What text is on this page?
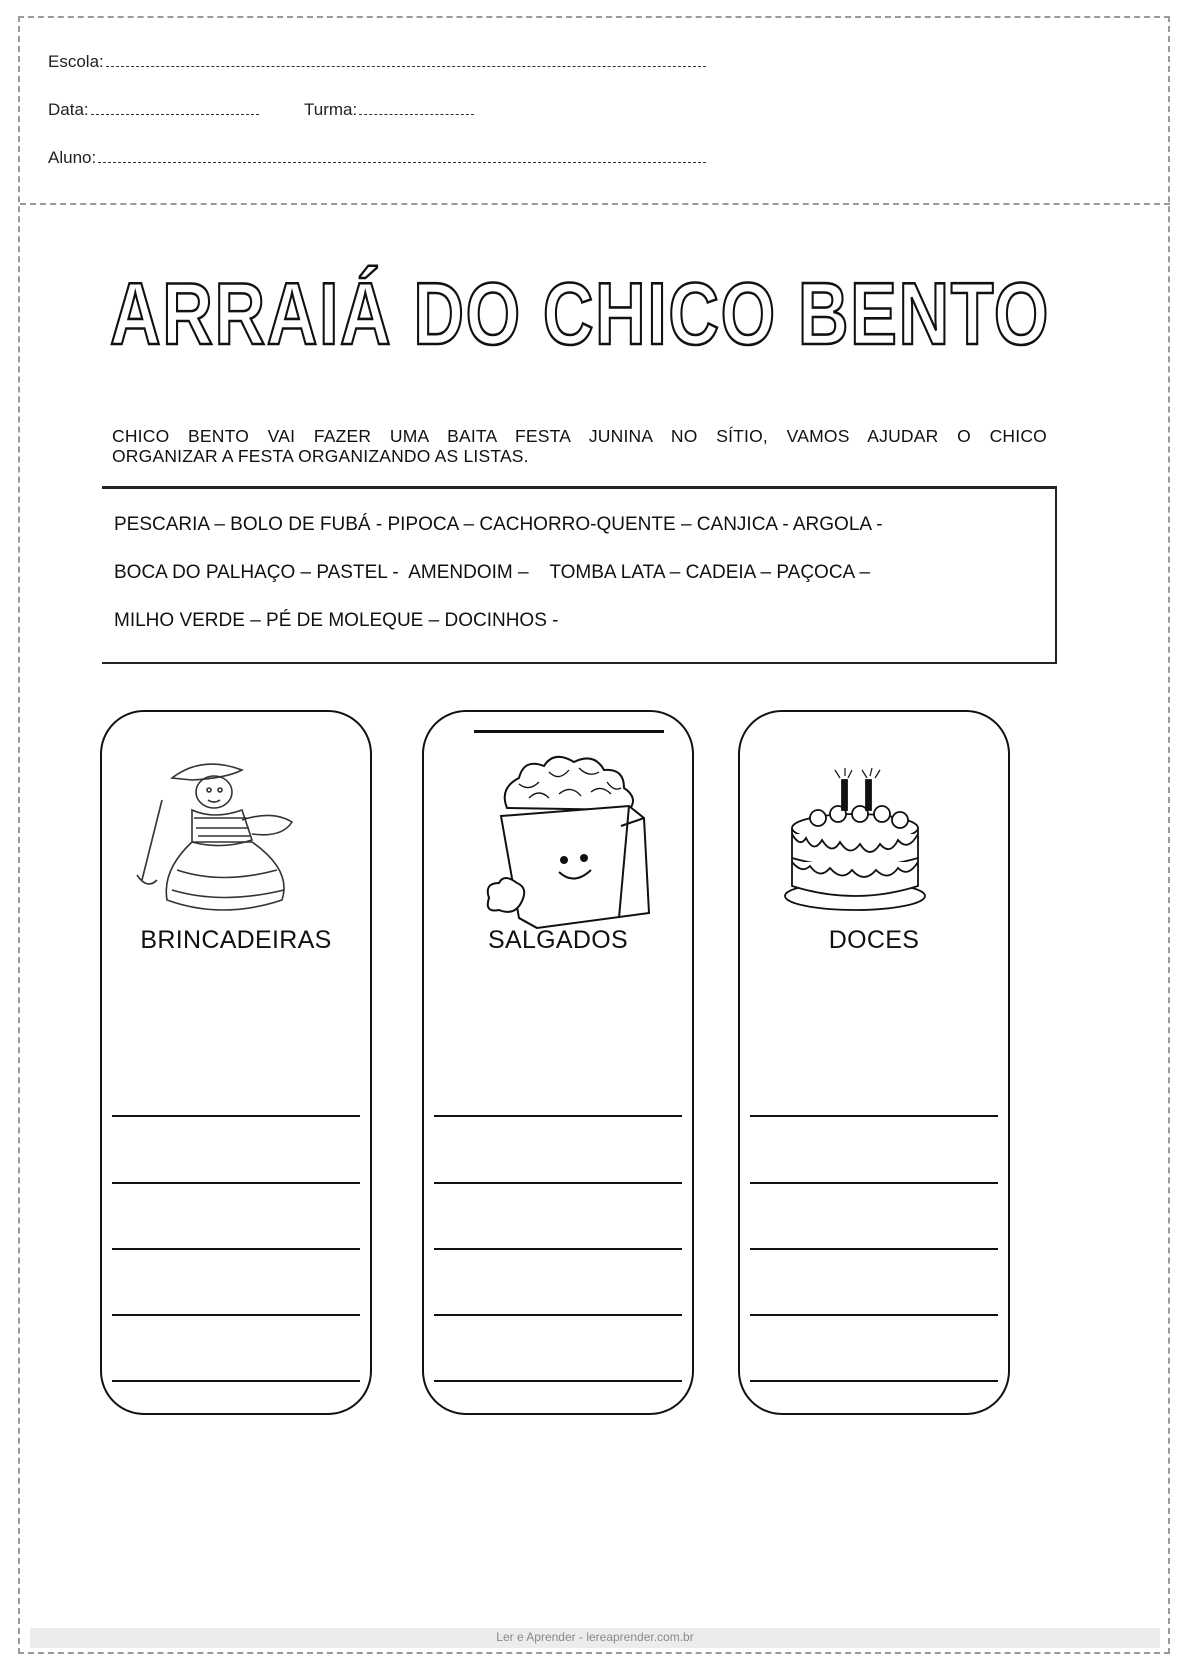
Escola:
Data:	Turma:
Aluno:
ARRAIÁ DO CHICO BENTO
CHICO BENTO VAI FAZER UMA BAITA FESTA JUNINA NO SÍTIO, VAMOS AJUDAR O CHICO
ORGANIZAR A FESTA ORGANIZANDO AS LISTAS.
PESCARIA – BOLO DE FUBÁ - PIPOCA – CACHORRO-QUENTE – CANJICA - ARGOLA -
BOCA DO PALHAÇO – PASTEL -  AMENDOIM –    TOMBA LATA – CADEIA – PAÇOCA –
MILHO VERDE – PÉ DE MOLEQUE – DOCINHOS -
BRINCADEIRAS	SALGADOS	DOCES
Ler e Aprender - lereaprender.com.br
